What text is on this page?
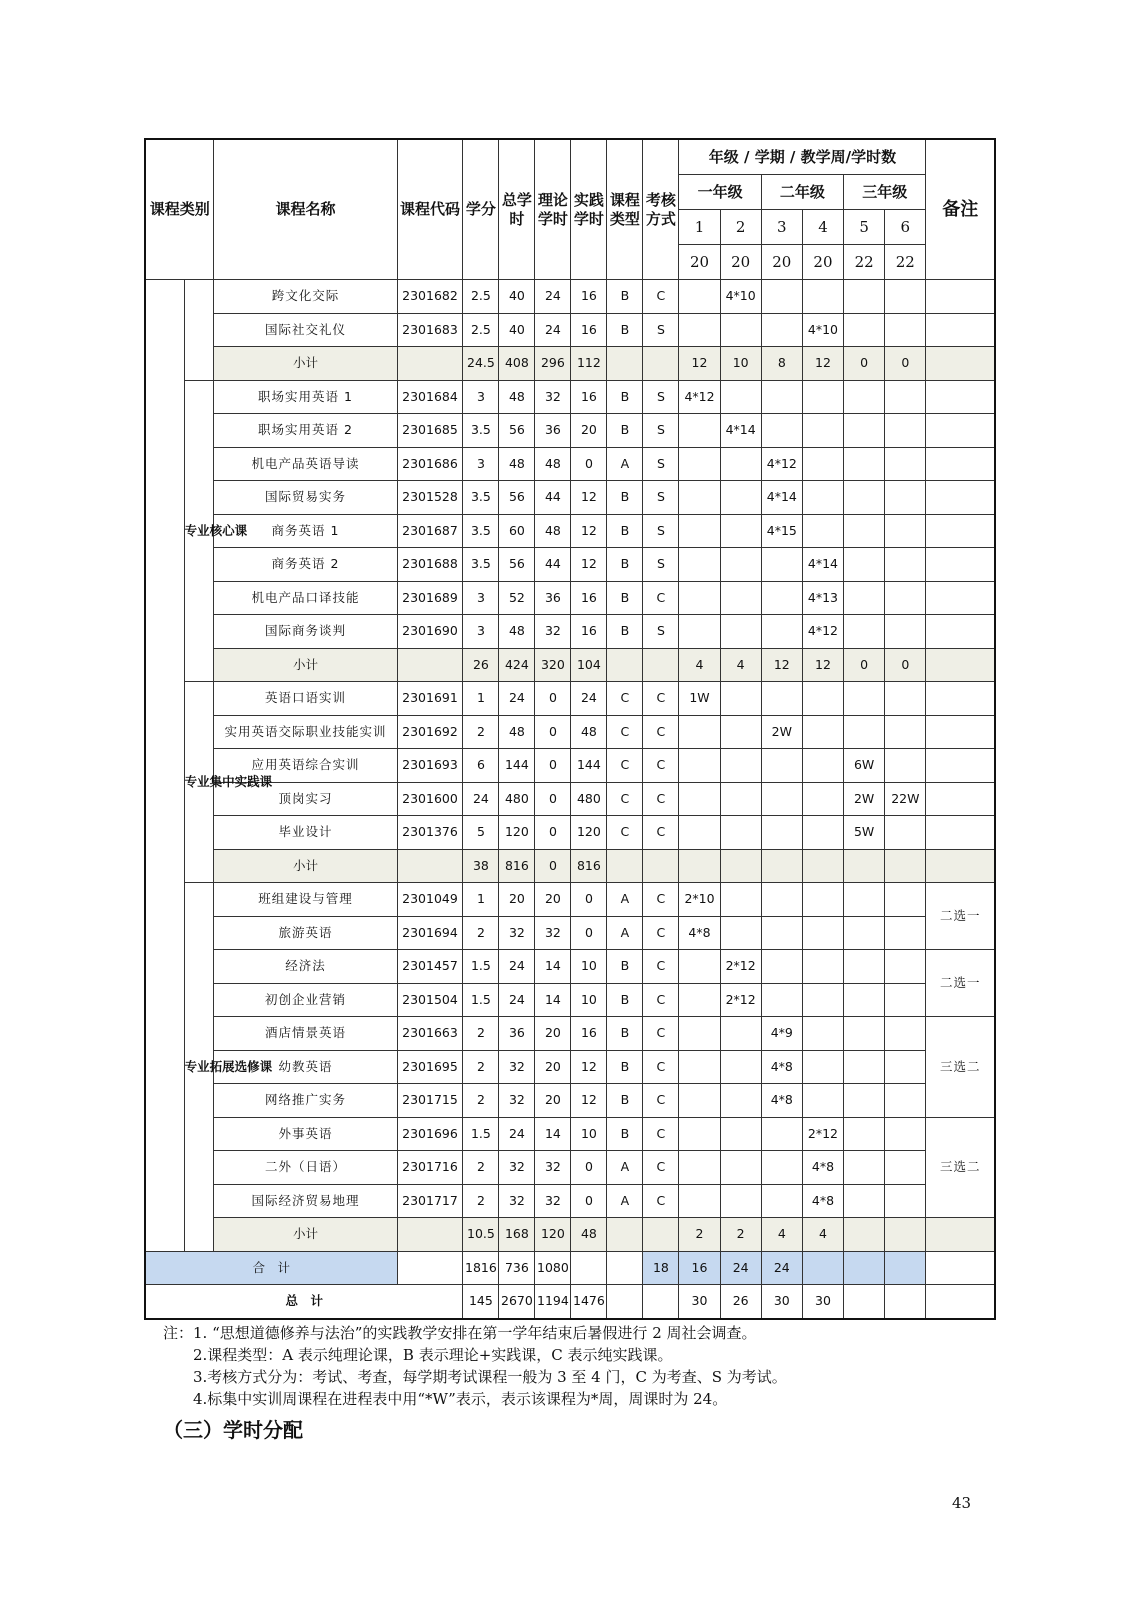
课程类别		课程名称	课程代码	学分	总学时	理论学时	实践学时	课程类型	考核方式	年级 / 学期 / 教学周/学时数						备注
										一年级		二年级		三年级		
										1	2	3	4	5	6	
										20	20	20	20	22	22	
		跨文化交际	2301682	2.5	40	24	16	B	C		4*10					
		国际社交礼仪	2301683	2.5	40	24	16	B	S				4*10			
		小计		24.5	408	296	112			12	10	8	12	0	0	
	专业核心课	职场实用英语 1	2301684	3	48	32	16	B	S	4*12						
		职场实用英语 2	2301685	3.5	56	36	20	B	S		4*14					
		机电产品英语导读	2301686	3	48	48	0	A	S			4*12				
		国际贸易实务	2301528	3.5	56	44	12	B	S			4*14				
		商务英语 1	2301687	3.5	60	48	12	B	S			4*15				
		商务英语 2	2301688	3.5	56	44	12	B	S				4*14			
		机电产品口译技能	2301689	3	52	36	16	B	C				4*13			
		国际商务谈判	2301690	3	48	32	16	B	S				4*12			
		小计		26	424	320	104			4	4	12	12	0	0	
	专业集中实践课	英语口语实训	2301691	1	24	0	24	C	C	1W						
		实用英语交际职业技能实训	2301692	2	48	0	48	C	C			2W				
		应用英语综合实训	2301693	6	144	0	144	C	C					6W		
		顶岗实习	2301600	24	480	0	480	C	C					2W	22W	
		毕业设计	2301376	5	120	0	120	C	C					5W		
		小计		38	816	0	816									
	专业拓展选修课	班组建设与管理	2301049	1	20	20	0	A	C	2*10						二选一
		旅游英语	2301694	2	32	32	0	A	C	4*8						
		经济法	2301457	1.5	24	14	10	B	C		2*12					二选一
		初创企业营销	2301504	1.5	24	14	10	B	C		2*12					
		酒店情景英语	2301663	2	36	20	16	B	C			4*9				三选二
		幼教英语	2301695	2	32	20	12	B	C			4*8				
		网络推广实务	2301715	2	32	20	12	B	C			4*8				
		外事英语	2301696	1.5	24	14	10	B	C				2*12			三选二
		二外（日语）	2301716	2	32	32	0	A	C				4*8			
		国际经济贸易地理	2301717	2	32	32	0	A	C				4*8			
		小计		10.5	168	120	48			2	2	4	4			
合　计				1816	736	1080			18	16	24	24				
总　计				145	2670	1194	1476			30	26	30	30			

注：1. “思想道德修养与法治”的实践教学安排在第一学年结束后暑假进行 2 周社会调查。

2.课程类型：A 表示纯理论课，B 表示理论+实践课，C 表示纯实践课。

3.考核方式分为：考试、考查，每学期考试课程一般为 3 至 4 门，C 为考查、S 为考试。

4.标集中实训周课程在进程表中用“*W”表示，表示该课程为*周，周课时为 24。

（三）学时分配
43
